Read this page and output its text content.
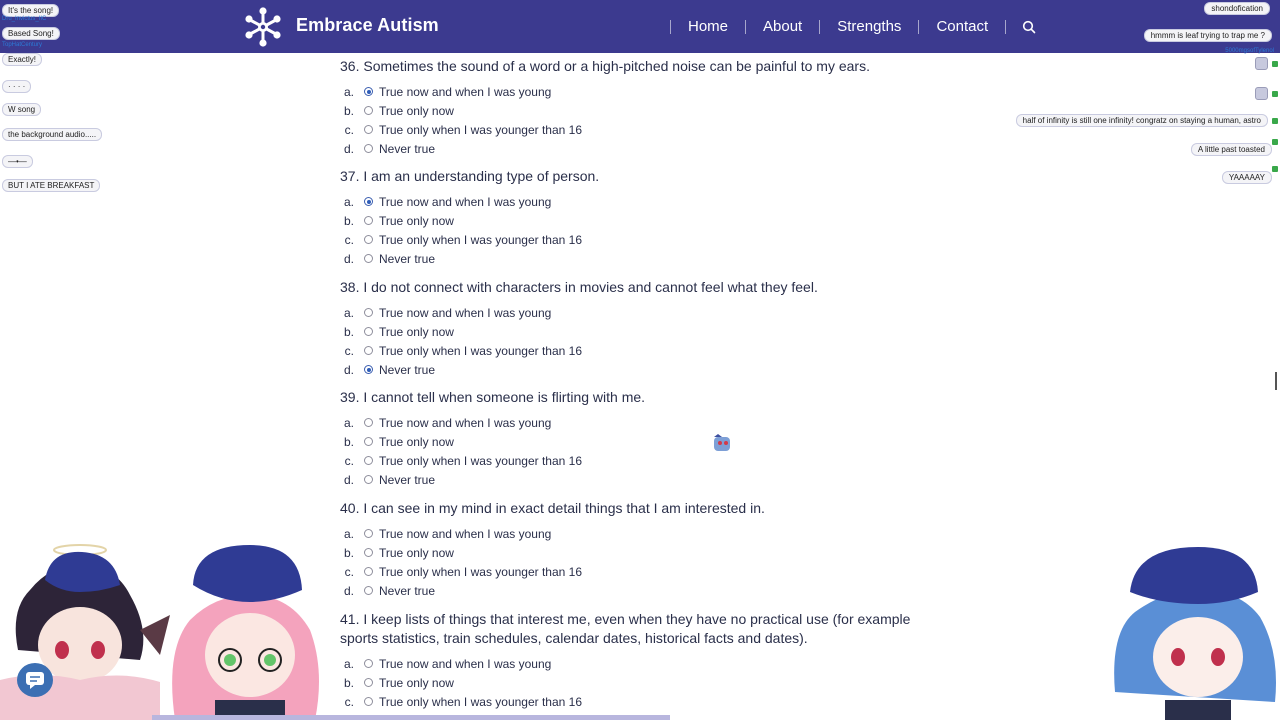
Embrace Autism	Home	About	Strengths	Contact
36. Sometimes the sound of a word or a high-pitched noise can be painful to my ears.
a.	True now and when I was young
b.	True only now
c.	True only when I was younger than 16
d.	Never true
37. I am an understanding type of person.
a.	True now and when I was young
b.	True only now
c.	True only when I was younger than 16
d.	Never true
38. I do not connect with characters in movies and cannot feel what they feel.
a.	True now and when I was young
b.	True only now
c.	True only when I was younger than 16
d.	Never true
39. I cannot tell when someone is flirting with me.
a.	True now and when I was young
b.	True only now
c.	True only when I was younger than 16
d.	Never true
40. I can see in my mind in exact detail things that I am interested in.
a.	True now and when I was young
b.	True only now
c.	True only when I was younger than 16
d.	Never true
41. I keep lists of things that interest me, even when they have no practical use (for example sports statistics, train schedules, calendar dates, historical facts and dates).
a.	True now and when I was young
b.	True only now
c.	True only when I was younger than 16
It's the song!
Dru_Invictus_IIC
Based Song!
TopHatCentury
Exactly!
· · · ·
W song
the background audio.....
—•—
BUT I ATE BREAKFAST
shondofication
hmmm is leaf trying to trap me ?
5000mgsofTylenol
half of infinity is still one infinity! congratz on staying a human, astro
A little past toasted
YAAAAAY
